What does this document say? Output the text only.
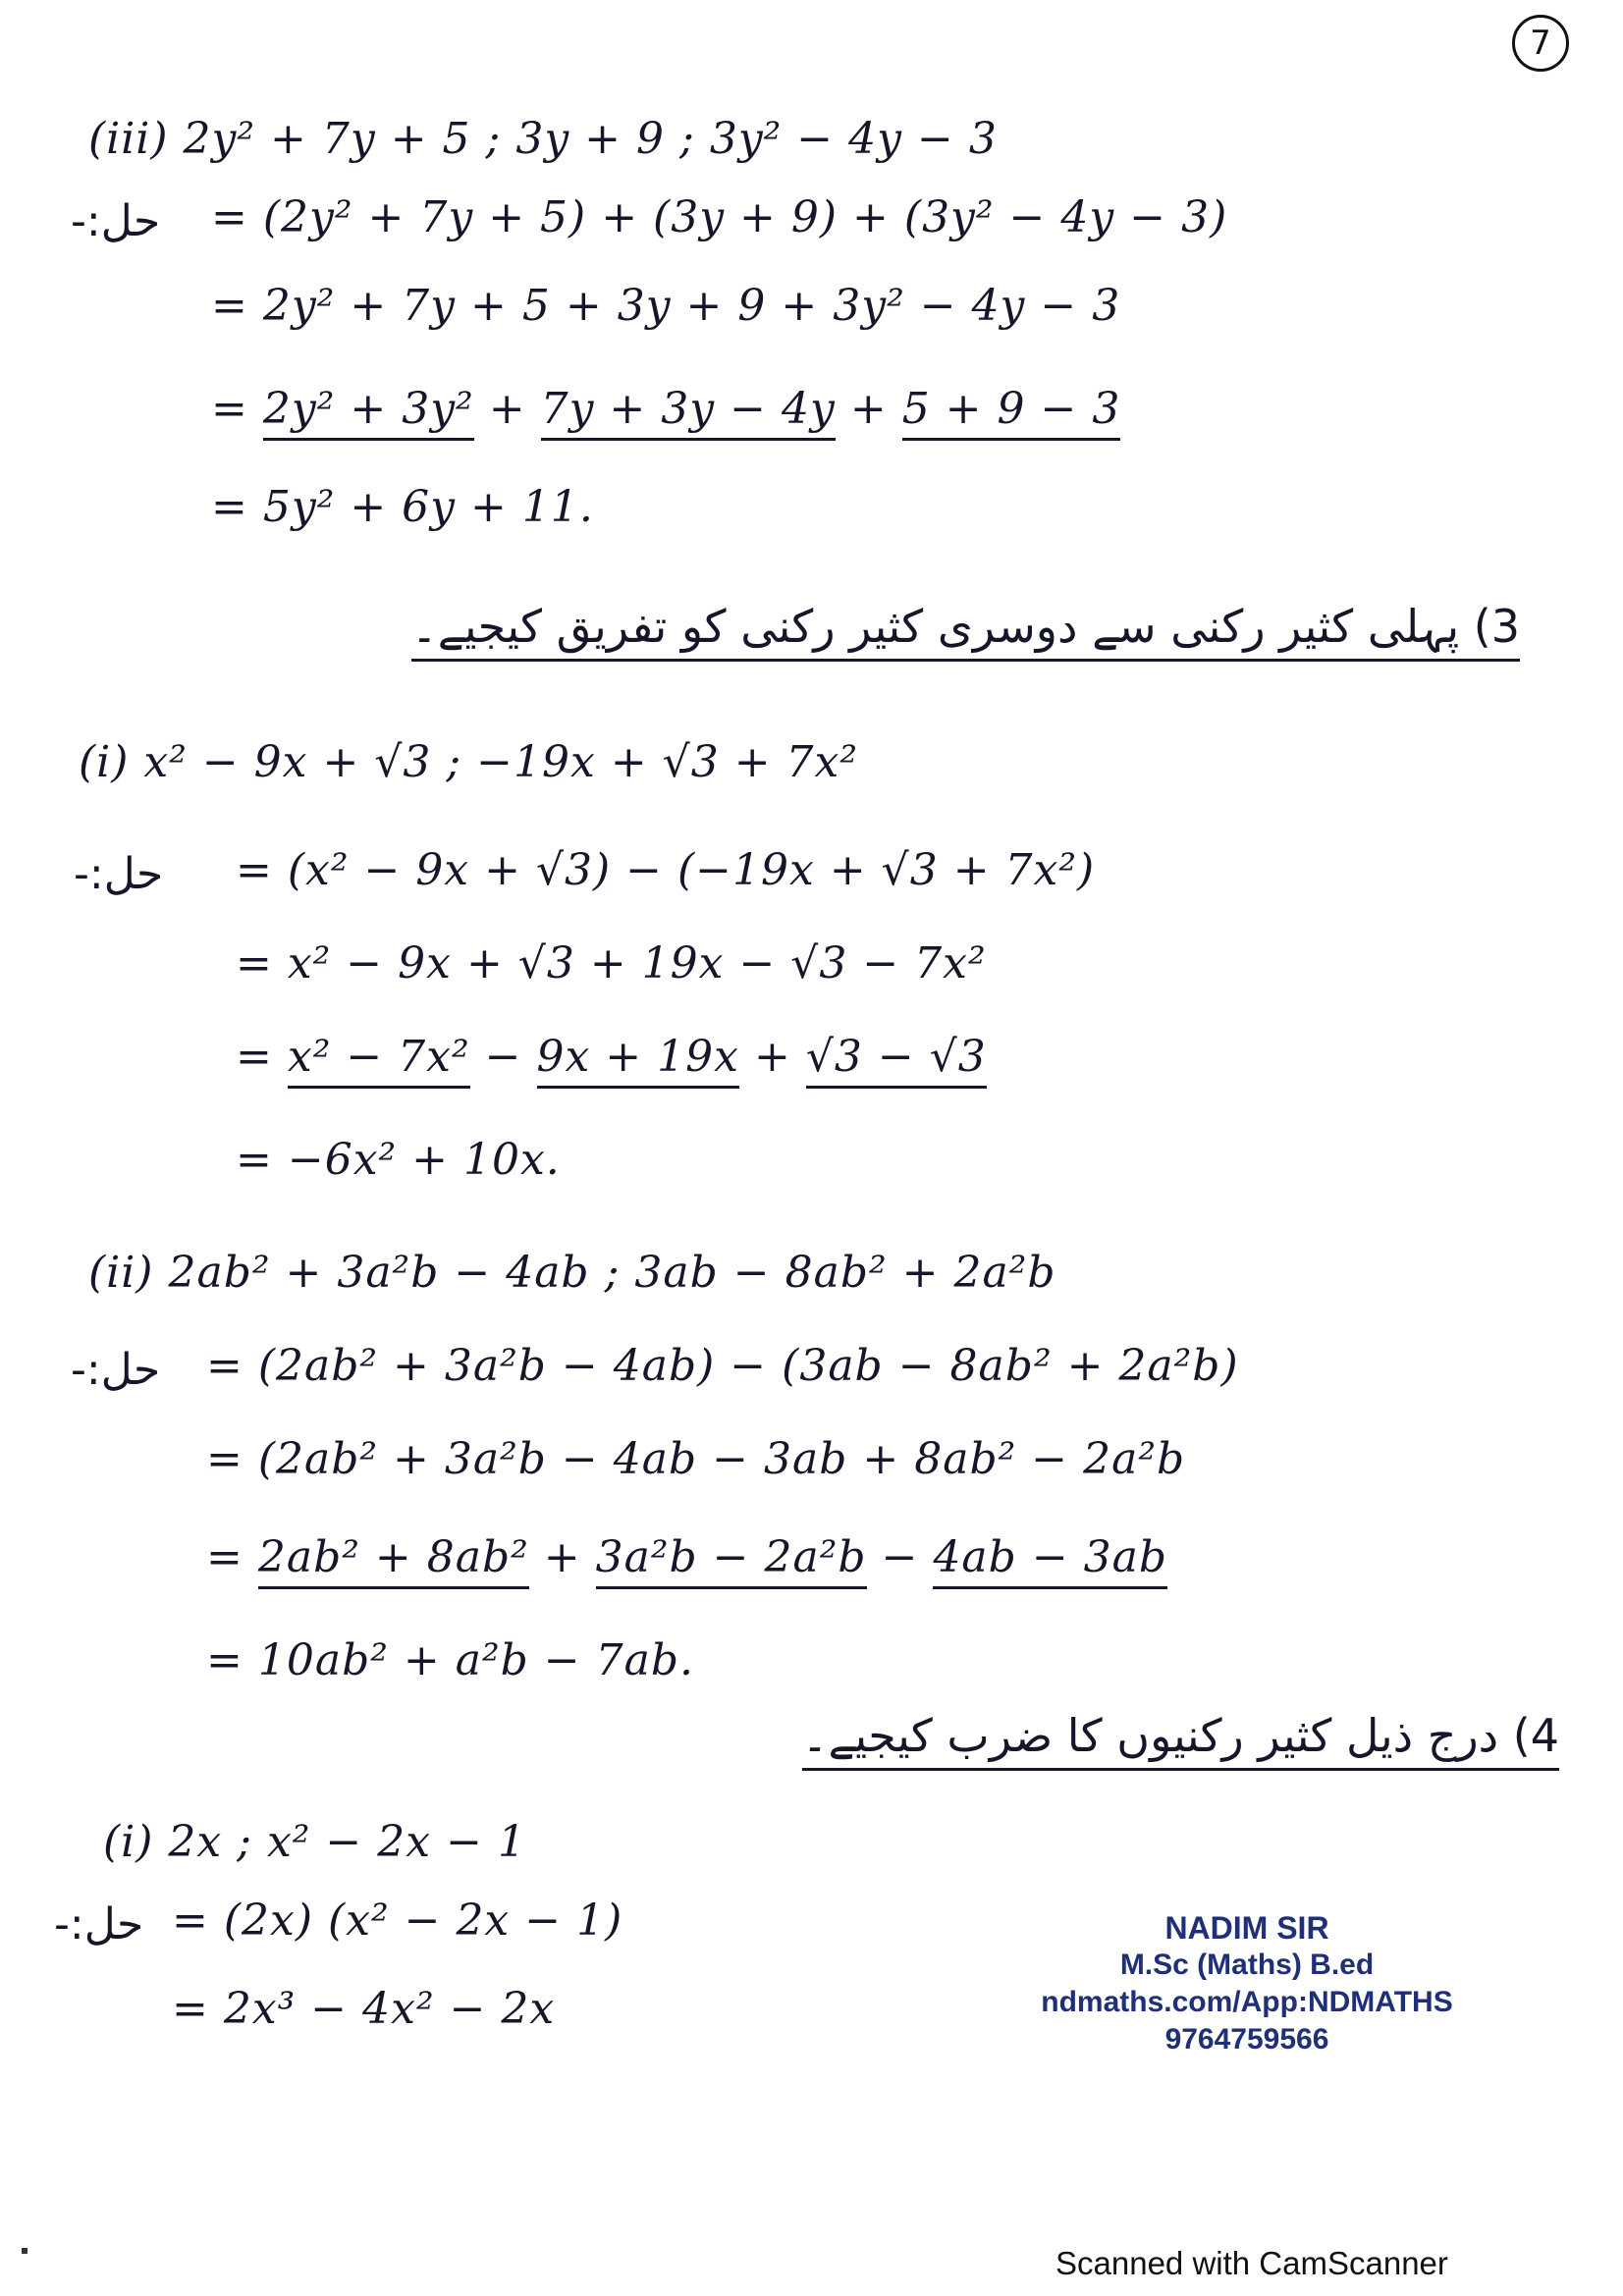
7
(iii) 2y² + 7y + 5 ; 3y + 9 ; 3y² − 4y − 3
حل:- = (2y² + 7y + 5) + (3y + 9) + (3y² − 4y − 3)
= 2y² + 7y + 5 + 3y + 9 + 3y² − 4y − 3
= 2y² + 3y² + 7y + 3y − 4y + 5 + 9 − 3
= 5y² + 6y + 11.
3) پہلی کثیر رکنی سے دوسری کثیر رکنی کو تفریق کیجیے۔
(i) x² − 9x + √3 ; −19x + √3 + 7x²
حل:- = (x² − 9x + √3) − (−19x + √3 + 7x²)
= x² − 9x + √3 + 19x − √3 − 7x²
= x² − 7x² − 9x + 19x + √3 − √3
= −6x² + 10x.
(ii) 2ab² + 3a²b − 4ab ; 3ab − 8ab² + 2a²b
حل:- = (2ab² + 3a²b − 4ab) − (3ab − 8ab² + 2a²b)
= (2ab² + 3a²b − 4ab − 3ab + 8ab² − 2a²b
= 2ab² + 8ab² + 3a²b − 2a²b − 4ab − 3ab
= 10ab² + a²b − 7ab.
4) درج ذیل کثیر رکنیوں کا ضرب کیجیے۔
(i) 2x ; x² − 2x − 1
حل:- = (2x) (x² − 2x − 1)
= 2x³ − 4x² − 2x
NADIM SIR
M.Sc (Maths) B.ed
ndmaths.com/App:NDMATHS
9764759566
Scanned with CamScanner
